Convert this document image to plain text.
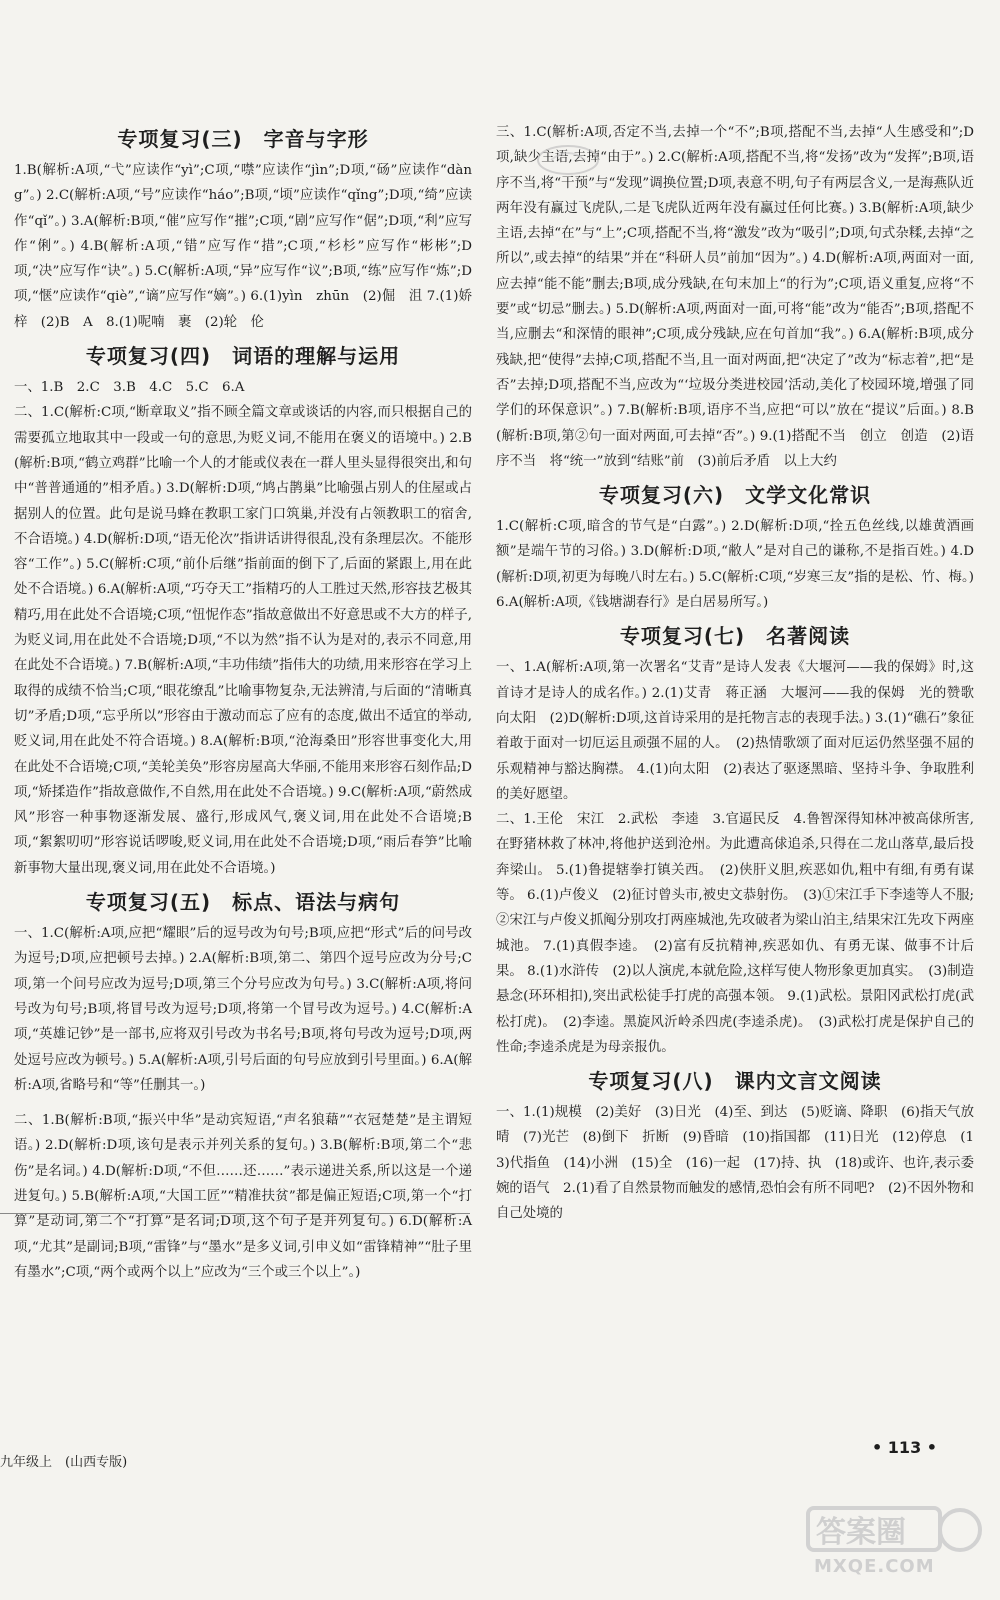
专项复习(三)　字音与字形

1.B(解析:A项,“弋”应读作“yì”;C项,“噤”应读作“jìn”;D项,“砀”应读作“dàng”。) 2.C(解析:A项,“号”应读作“háo”;B项,“顷”应读作“qǐng”;D项,“绮”应读作“qǐ”。) 3.A(解析:B项,“催”应写作“摧”;C项,“剧”应写作“倨”;D项,“利”应写作“俐”。) 4.B(解析:A项,“错”应写作“措”;C项,“杉杉”应写作“彬彬”;D项,“决”应写作“诀”。) 5.C(解析:A项,“异”应写作“议”;B项,“练”应写作“炼”;D项,“惬”应读作“qiè”,“谪”应写作“嫡”。) 6.(1)yìn　zhūn　(2)倔　沮 7.(1)娇　梓　(2)B　A　8.(1)呢喃　裹　(2)轮　伦

专项复习(四)　词语的理解与运用

一、1.B　2.C　3.B　4.C　5.C　6.A

二、1.C(解析:C项,“断章取义”指不顾全篇文章或谈话的内容,而只根据自己的需要孤立地取其中一段或一句的意思,为贬义词,不能用在褒义的语境中。) 2.B(解析:B项,“鹤立鸡群”比喻一个人的才能或仪表在一群人里头显得很突出,和句中“普普通通的”相矛盾。) 3.D(解析:D项,“鸠占鹊巢”比喻强占别人的住屋或占据别人的位置。此句是说马蜂在教职工家门口筑巢,并没有占领教职工的宿舍,不合语境。) 4.D(解析:D项,“语无伦次”指讲话讲得很乱,没有条理层次。不能形容“工作”。) 5.C(解析:C项,“前仆后继”指前面的倒下了,后面的紧跟上,用在此处不合语境。) 6.A(解析:A项,“巧夺天工”指精巧的人工胜过天然,形容技艺极其精巧,用在此处不合语境;C项,“忸怩作态”指故意做出不好意思或不大方的样子,为贬义词,用在此处不合语境;D项,“不以为然”指不认为是对的,表示不同意,用在此处不合语境。) 7.B(解析:A项,“丰功伟绩”指伟大的功绩,用来形容在学习上取得的成绩不恰当;C项,“眼花缭乱”比喻事物复杂,无法辨清,与后面的“清晰真切”矛盾;D项,“忘乎所以”形容由于激动而忘了应有的态度,做出不适宜的举动,贬义词,用在此处不符合语境。) 8.A(解析:B项,“沧海桑田”形容世事变化大,用在此处不合语境;C项,“美轮美奂”形容房屋高大华丽,不能用来形容石刻作品;D项,“矫揉造作”指故意做作,不自然,用在此处不合语境。) 9.C(解析:A项,“蔚然成风”形容一种事物逐渐发展、盛行,形成风气,褒义词,用在此处不合语境;B项,“絮絮叨叨”形容说话啰唆,贬义词,用在此处不合语境;D项,“雨后春笋”比喻新事物大量出现,褒义词,用在此处不合语境。)

专项复习(五)　标点、语法与病句

一、1.C(解析:A项,应把“耀眼”后的逗号改为句号;B项,应把“形式”后的问号改为逗号;D项,应把顿号去掉。) 2.A(解析:B项,第二、第四个逗号应改为分号;C项,第一个问号应改为逗号;D项,第三个分号应改为句号。) 3.C(解析:A项,将问号改为句号;B项,将冒号改为逗号;D项,将第一个冒号改为逗号。) 4.C(解析:A项,“英雄记钞”是一部书,应将双引号改为书名号;B项,将句号改为逗号;D项,两处逗号应改为顿号。) 5.A(解析:A项,引号后面的句号应放到引号里面。) 6.A(解析:A项,省略号和“等”任删其一。)

二、1.B(解析:B项,“振兴中华”是动宾短语,“声名狼藉”“衣冠楚楚”是主谓短语。) 2.D(解析:D项,该句是表示并列关系的复句。) 3.B(解析:B项,第二个“悲伤”是名词。) 4.D(解析:D项,“不但……还……”表示递进关系,所以这是一个递进复句。) 5.B(解析:A项,“大国工匠”“精准扶贫”都是偏正短语;C项,第一个“打算”是动词,第二个“打算”是名词;D项,这个句子是并列复句。) 6.D(解析:A项,“尤其”是副词;B项,“雷锋”与“墨水”是多义词,引申义如“雷锋精神”“肚子里有墨水”;C项,“两个或两个以上”应改为“三个或三个以上”。)

九年级上　(山西专版)

三、1.C(解析:A项,否定不当,去掉一个“不”;B项,搭配不当,去掉“人生感受和”;D项,缺少主语,去掉“由于”。) 2.C(解析:A项,搭配不当,将“发扬”改为“发挥”;B项,语序不当,将“干预”与“发现”调换位置;D项,表意不明,句子有两层含义,一是海燕队近两年没有赢过飞虎队,二是飞虎队近两年没有赢过任何比赛。) 3.B(解析:A项,缺少主语,去掉“在”与“上”;C项,搭配不当,将“激发”改为“吸引”;D项,句式杂糅,去掉“之所以”,或去掉“的结果”并在“科研人员”前加“因为”。) 4.D(解析:A项,两面对一面,应去掉“能不能”删去;B项,成分残缺,在句末加上“的行为”;C项,语义重复,应将“不要”或“切忌”删去。) 5.D(解析:A项,两面对一面,可将“能”改为“能否”;B项,搭配不当,应删去“和深情的眼神”;C项,成分残缺,应在句首加“我”。) 6.A(解析:B项,成分残缺,把“使得”去掉;C项,搭配不当,且一面对两面,把“决定了”改为“标志着”,把“是否”去掉;D项,搭配不当,应改为“‘垃圾分类进校园’活动,美化了校园环境,增强了同学们的环保意识”。) 7.B(解析:B项,语序不当,应把“可以”放在“提议”后面。) 8.B(解析:B项,第②句一面对两面,可去掉“否”。) 9.(1)搭配不当　创立　创造　(2)语序不当　将“统一”放到“结账”前　(3)前后矛盾　以上大约

专项复习(六)　文学文化常识

1.C(解析:C项,暗含的节气是“白露”。) 2.D(解析:D项,“拴五色丝线,以雄黄酒画额”是端午节的习俗。) 3.D(解析:D项,“敝人”是对自己的谦称,不是指百姓。) 4.D(解析:D项,初更为每晚八时左右。) 5.C(解析:C项,“岁寒三友”指的是松、竹、梅。) 6.A(解析:A项,《钱塘湖春行》是白居易所写。)

专项复习(七)　名著阅读

一、1.A(解析:A项,第一次署名“艾青”是诗人发表《大堰河——我的保姆》时,这首诗才是诗人的成名作。) 2.(1)艾青　蒋正涵　大堰河——我的保姆　光的赞歌　向太阳　(2)D(解析:D项,这首诗采用的是托物言志的表现手法。) 3.(1)“礁石”象征着敢于面对一切厄运且顽强不屈的人。　(2)热情歌颂了面对厄运仍然坚强不屈的乐观精神与豁达胸襟。 4.(1)向太阳　(2)表达了驱逐黑暗、坚持斗争、争取胜利的美好愿望。

二、1.王伦　宋江　2.武松　李逵　3.官逼民反　4.鲁智深得知林冲被高俅所害,在野猪林救了林冲,将他护送到沧州。为此遭高俅追杀,只得在二龙山落草,最后投奔梁山。 5.(1)鲁提辖拳打镇关西。　(2)侠肝义胆,疾恶如仇,粗中有细,有勇有谋等。 6.(1)卢俊义　(2)征讨曾头市,被史文恭射伤。　(3)①宋江手下李逵等人不服;②宋江与卢俊义抓阄分别攻打两座城池,先攻破者为梁山泊主,结果宋江先攻下两座城池。 7.(1)真假李逵。　(2)富有反抗精神,疾恶如仇、有勇无谋、做事不计后果。 8.(1)水浒传　(2)以人演虎,本就危险,这样写使人物形象更加真实。　(3)制造悬念(环环相扣),突出武松徒手打虎的高强本领。 9.(1)武松。景阳冈武松打虎(武松打虎)。　(2)李逵。黑旋风沂岭杀四虎(李逵杀虎)。　(3)武松打虎是保护自己的性命;李逵杀虎是为母亲报仇。

专项复习(八)　课内文言文阅读

一、1.(1)规模　(2)美好　(3)日光　(4)至、到达　(5)贬谪、降职　(6)指天气放晴　(7)光芒　(8)倒下　折断　(9)昏暗　(10)指国都　(11)日光　(12)停息　(13)代指鱼　(14)小洲　(15)全　(16)一起　(17)持、执　(18)或许、也许,表示委婉的语气　2.(1)看了自然景物而触发的感情,恐怕会有所不同吧?　(2)不因外物和自己处境的

• 113 •
答案圈
MXQE.COM
